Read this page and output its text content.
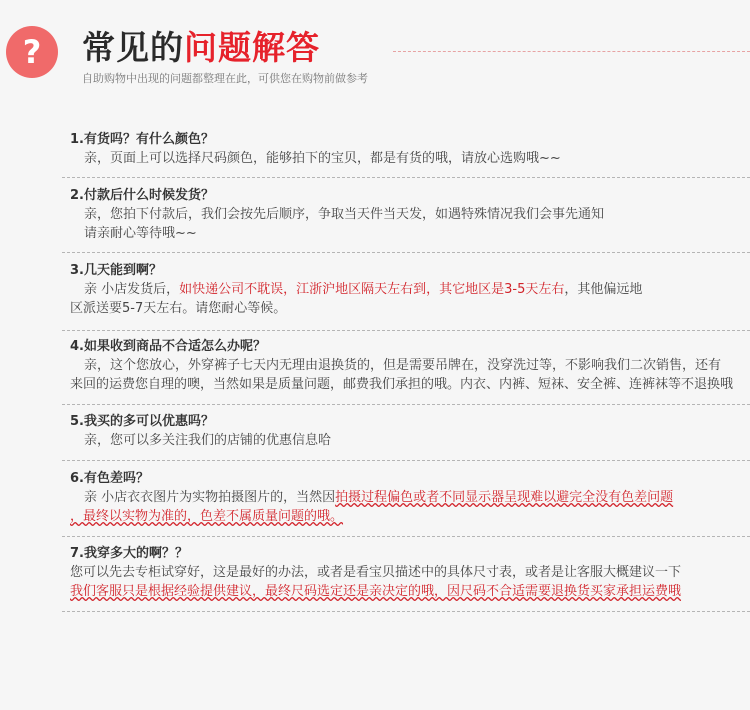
?	常见的问题解答
自助购物中出现的问题都整理在此，可供您在购物前做参考
1.有货吗？有什么颜色？
亲，页面上可以选择尺码颜色，能够拍下的宝贝，都是有货的哦，请放心选购哦~~
2.付款后什么时候发货？
亲，您拍下付款后，我们会按先后顺序，争取当天件当天发，如遇特殊情况我们会事先通知
请亲耐心等待哦~~
3.几天能到啊？
亲 小店发货后，如快递公司不耽误，江浙沪地区隔天左右到，其它地区是3-5天左右，其他偏远地
区派送要5-7天左右。请您耐心等候。
4.如果收到商品不合适怎么办呢？
亲，这个您放心，外穿裤子七天内无理由退换货的，但是需要吊牌在，没穿洗过等，不影响我们二次销售，还有
来回的运费您自理的噢，当然如果是质量问题，邮费我们承担的哦。内衣、内裤、短袜、安全裤、连裤袜等不退换哦
5.我买的多可以优惠吗？
亲，您可以多关注我们的店铺的优惠信息哈
6.有色差吗？
亲 小店衣衣图片为实物拍摄图片的，当然因拍摄过程偏色或者不同显示器呈现难以避完全没有色差问题
，最终以实物为准的，色差不属质量问题的哦。
7.我穿多大的啊？？
您可以先去专柜试穿好，这是最好的办法，或者是看宝贝描述中的具体尺寸表，或者是让客服大概建议一下
我们客服只是根据经验提供建议，最终尺码选定还是亲决定的哦，因尺码不合适需要退换货买家承担运费哦
